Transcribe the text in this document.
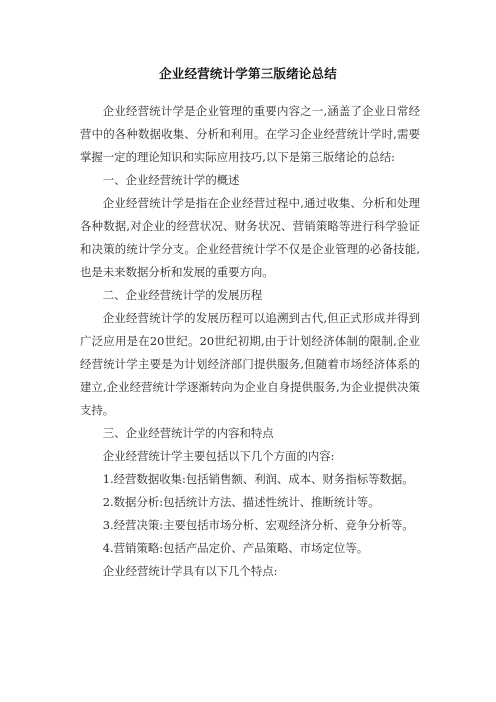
企业经营统计学第三版绪论总结

企业经营统计学是企业管理的重要内容之一,涵盖了企业日常经营中的各种数据收集、分析和利用。在学习企业经营统计学时,需要掌握一定的理论知识和实际应用技巧,以下是第三版绪论的总结:

一、企业经营统计学的概述

企业经营统计学是指在企业经营过程中,通过收集、分析和处理各种数据,对企业的经营状况、财务状况、营销策略等进行科学验证和决策的统计学分支。企业经营统计学不仅是企业管理的必备技能,也是未来数据分析和发展的重要方向。

二、企业经营统计学的发展历程

企业经营统计学的发展历程可以追溯到古代,但正式形成并得到广泛应用是在20世纪。20世纪初期,由于计划经济体制的限制,企业经营统计学主要是为计划经济部门提供服务,但随着市场经济体系的建立,企业经营统计学逐渐转向为企业自身提供服务,为企业提供决策支持。

三、企业经营统计学的内容和特点

企业经营统计学主要包括以下几个方面的内容:

1.经营数据收集:包括销售额、利润、成本、财务指标等数据。

2.数据分析:包括统计方法、描述性统计、推断统计等。

3.经营决策:主要包括市场分析、宏观经济分析、竞争分析等。

4.营销策略:包括产品定价、产品策略、市场定位等。

企业经营统计学具有以下几个特点:
